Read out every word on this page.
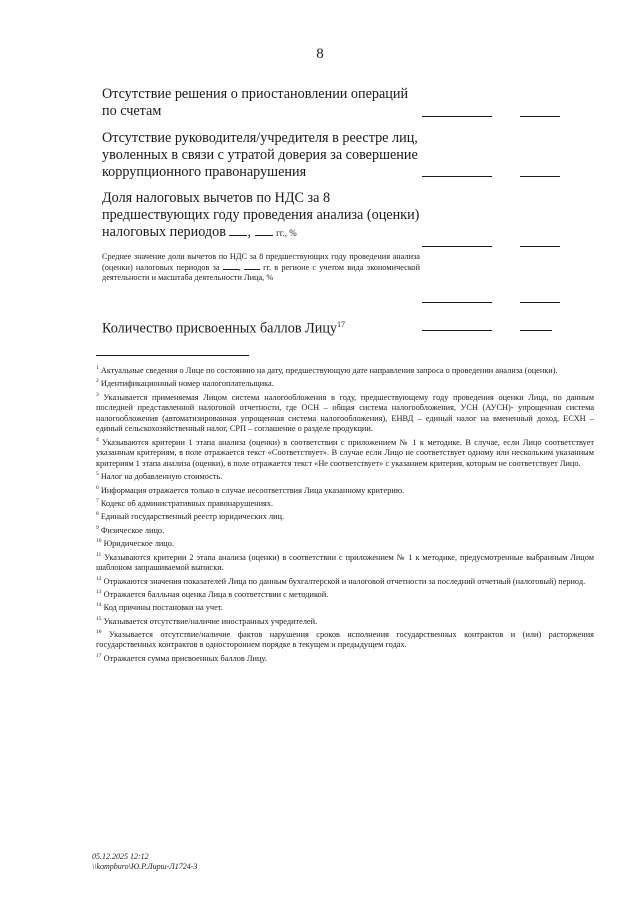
8
Отсутствие решения о приостановлении операций по счетам
Отсутствие руководителя/учредителя в реестре лиц, уволенных в связи с утратой доверия за совершение коррупционного правонарушения
Доля налоговых вычетов по НДС за 8 предшествующих году проведения анализа (оценки) налоговых периодов ,	гг., %
Среднее значение доли вычетов по НДС за 8 предшествующих году проведения анализа (оценки) налоговых периодов за ,	гг. в регионе с учетом вида экономической деятельности и масштаба деятельности Лица, %
Количество присвоенных баллов Лицу$^{17}$

$^1$ Актуальные сведения о Лице по состоянию на дату, предшествующую дате направления запроса о проведении анализа (оценки).

$^2$ Идентификационный номер налогоплательщика.

$^3$ Указывается применяемая Лицом система налогообложения в году, предшествующему году проведения оценки Лица, по данным последней представленной налоговой отчетности, где ОСН – общая система налогообложения, УСН (АУСН)- упрощенная система налогообложения (автоматизированная упрощенная система налогообложения), ЕНВД – единый налог на вмененный доход, ЕСХН – единый сельскохозяйственный налог, СРП – соглашение о разделе продукции.

$^4$ Указываются критерии 1 этапа анализа (оценки) в соответствии с приложением № 1 к методике. В случае, если Лицо соответствует указанным критериям, в поле отражается текст «Соответствует». В случае если Лицо не соответствует одному или нескольким указанным критериям 1 этапа анализа (оценки), в поле отражается текст «Не соответствует» с указанием критерия, которым не соответствует Лицо.

$^5$ Налог на добавленную стоимость.

$^6$ Информация отражается только в случае несоответствия Лица указанному критерию.

$^7$ Кодекс об административных правонарушениях.

$^8$ Единый государственный реестр юридических лиц.

$^9$ Физическое лицо.

$^{10}$ Юридическое лицо.

$^{11}$ Указываются критерии 2 этапа анализа (оценки) в соответствии с приложением № 1 к методике, предусмотренные выбранным Лицом шаблоном запрашиваемой выписки.

$^{12}$ Отражаются значения показателей Лица по данным бухгалтерской и налоговой отчетности за последний отчетный (налоговый) период.

$^{13}$ Отражается балльная оценка Лица в соответствии с методикой.

$^{14}$ Код причины постановки на учет.

$^{15}$ Указывается отсутствие/наличие иностранных учредителей.

$^{16}$ Указывается отсутствие/наличие фактов нарушения сроков исполнения государственных контрактов и (или) расторжения государственных контрактов в одностороннем порядке в текущем и предыдущем годах.

$^{17}$ Отражается сумма присвоенных баллов Лицу.

05.12.2025 12:12
\\kompburo\Ю.Р.Лирш-Л1724-3
